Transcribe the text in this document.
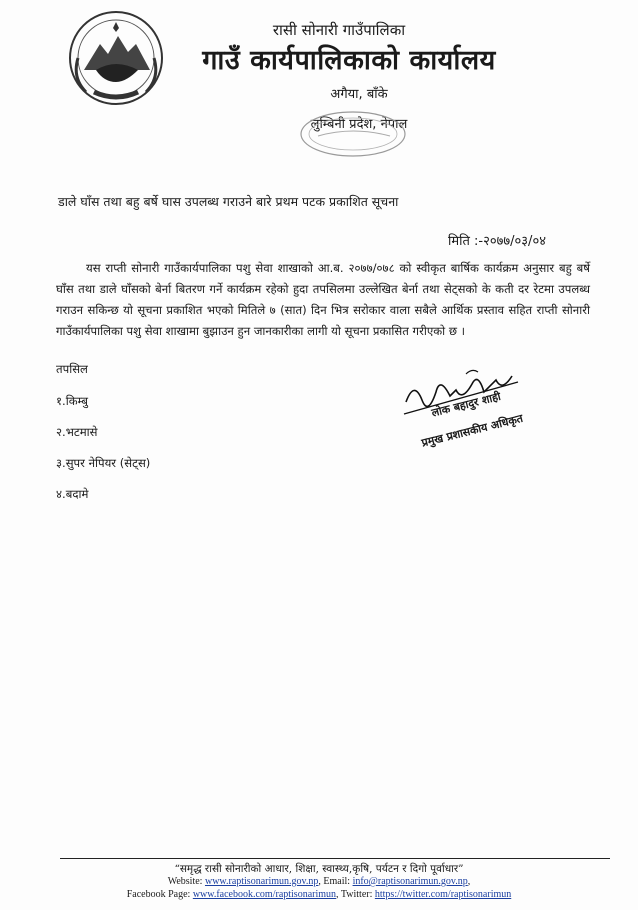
रासी सोनारी गाउँपालिका
गाउँ कार्यपालिकाको कार्यालय
अगैया, बाँके
लुम्बिनी प्रदेश, नेपाल
डाले घाँस तथा बहु बर्षे घास उपलब्ध गराउने बारे प्रथम पटक प्रकाशित सूचना
मिति :-२०७७/०३/०४
यस राप्ती सोनारी गाउँकार्यपालिका पशु सेवा शाखाको आ.ब. २०७७/०७८ को स्वीकृत बार्षिक कार्यक्रम अनुसार बहु बर्षे घाँस तथा डाले घाँसको बेर्ना बितरण गर्ने कार्यक्रम रहेको हुदा तपसिलमा उल्लेखित बेर्ना तथा सेट्सको के कती दर रेटमा उपलब्ध गराउन सकिन्छ यो सूचना प्रकाशित भएको मितिले ७ (सात) दिन भित्र सरोकार वाला सबैले आर्थिक प्रस्ताव सहित राप्ती सोनारी गाउँकार्यपालिका पशु सेवा शाखामा बुझाउन हुन जानकारीका लागी यो सूचना प्रकासित गरीएको छ ।
तपसिल
१.किम्बु
२.भटमासे
३.सुपर नेपियर (सेट्स)
४.बदामे
लोक बहादुर शाही
प्रमुख प्रशासकीय अधिकृत
“समृद्ध रासी सोनारीको आधार, शिक्षा, स्वास्थ्य,कृषि, पर्यटन र दिगो पूर्वाधार”
Website: www.raptisonarimun.gov.np, Email: info@raptisonarimun.gov.np,
Facebook Page: www.facebook.com/raptisonarimun, Twitter: https://twitter.com/raptisonarimun
